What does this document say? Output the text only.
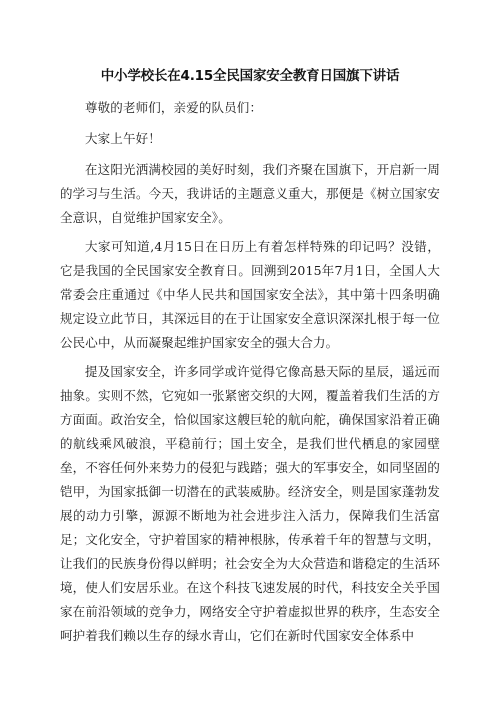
中小学校长在4.15全民国家安全教育日国旗下讲话

尊敬的老师们，亲爱的队员们：

大家上午好！

在这阳光洒满校园的美好时刻，我们齐聚在国旗下，开启新一周的学习与生活。今天，我讲话的主题意义重大，那便是《树立国家安全意识，自觉维护国家安全》。

大家可知道,4月15日在日历上有着怎样特殊的印记吗？没错，它是我国的全民国家安全教育日。回溯到2015年7月1日，全国人大常委会庄重通过《中华人民共和国国家安全法》，其中第十四条明确规定设立此节日，其深远目的在于让国家安全意识深深扎根于每一位公民心中，从而凝聚起维护国家安全的强大合力。

提及国家安全，许多同学或许觉得它像高悬天际的星辰，遥远而抽象。实则不然，它宛如一张紧密交织的大网，覆盖着我们生活的方方面面。政治安全，恰似国家这艘巨轮的航向舵，确保国家沿着正确的航线乘风破浪，平稳前行；国土安全，是我们世代栖息的家园壁垒，不容任何外来势力的侵犯与践踏；强大的军事安全，如同坚固的铠甲，为国家抵御一切潜在的武装威胁。经济安全，则是国家蓬勃发展的动力引擎，源源不断地为社会进步注入活力，保障我们生活富足；文化安全，守护着国家的精神根脉，传承着千年的智慧与文明，让我们的民族身份得以鲜明；社会安全为大众营造和谐稳定的生活环境，使人们安居乐业。在这个科技飞速发展的时代，科技安全关乎国家在前沿领域的竞争力，网络安全守护着虚拟世界的秩序，生态安全呵护着我们赖以生存的绿水青山，它们在新时代国家安全体系中
